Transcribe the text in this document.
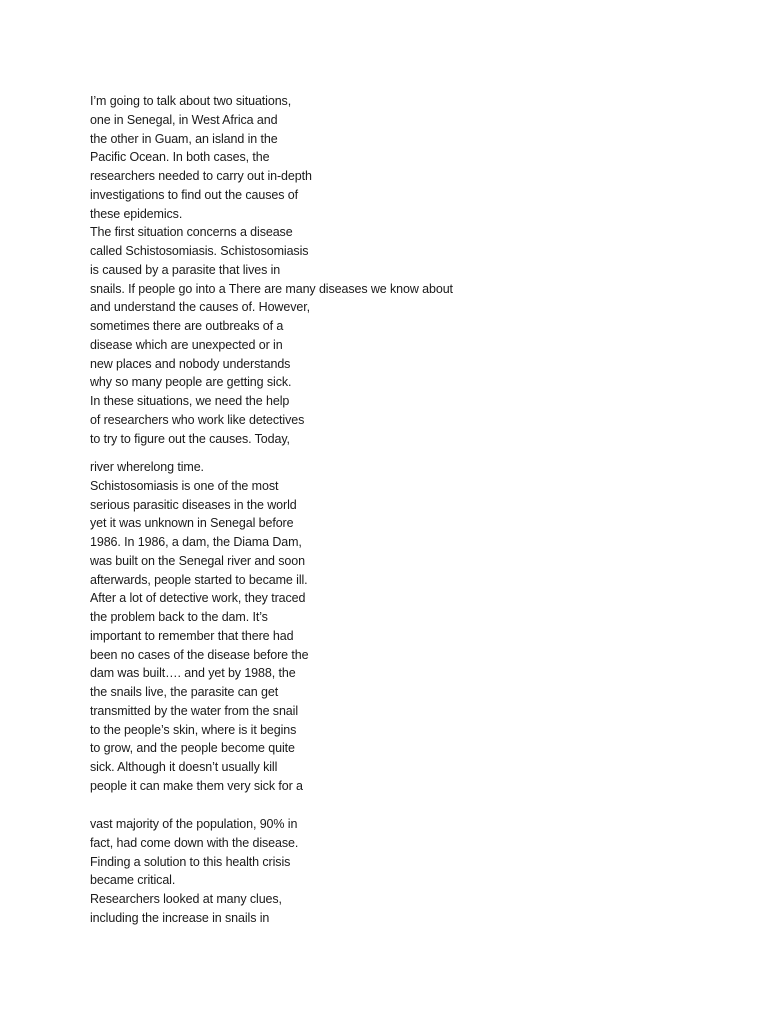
I’m going to talk about two situations,
one in Senegal, in West Africa and
the other in Guam, an island in the
Pacific Ocean. In both cases, the
researchers needed to carry out in-depth
investigations to find out the causes of
these epidemics.
The first situation concerns a disease
called Schistosomiasis. Schistosomiasis
is caused by a parasite that lives in
snails. If people go into a There are many diseases we know about
and understand the causes of. However,
sometimes there are outbreaks of a
disease which are unexpected or in
new places and nobody understands
why so many people are getting sick.
In these situations, we need the help
of researchers who work like detectives
to try to figure out the causes. Today,
river wherelong time.
Schistosomiasis is one of the most
serious parasitic diseases in the world
yet it was unknown in Senegal before
1986. In 1986, a dam, the Diama Dam,
was built on the Senegal river and soon
afterwards, people started to became ill.
After a lot of detective work, they traced
the problem back to the dam. It’s
important to remember that there had
been no cases of the disease before the
dam was built…. and yet by 1988, the
the snails live, the parasite can get
transmitted by the water from the snail
to the people’s skin, where is it begins
to grow, and the people become quite
sick. Although it doesn’t usually kill
people it can make them very sick for a
vast majority of the population, 90% in
fact, had come down with the disease.
Finding a solution to this health crisis
became critical.
Researchers looked at many clues,
including the increase in snails in
